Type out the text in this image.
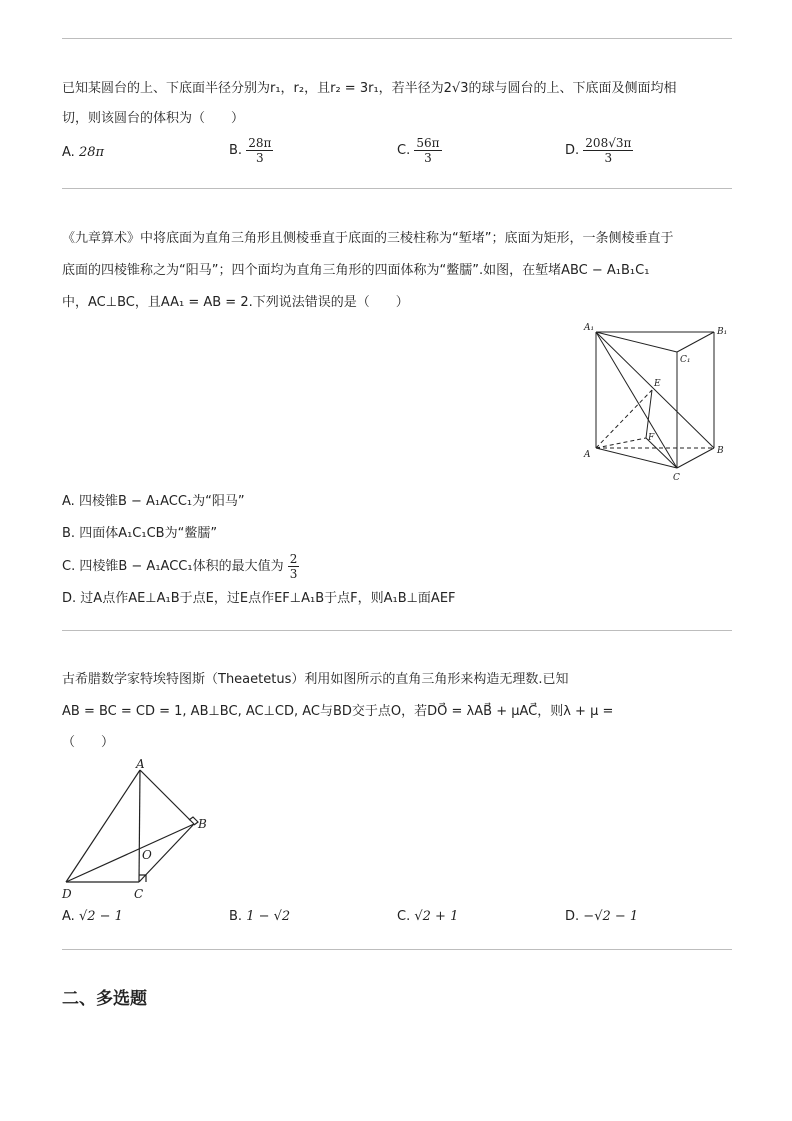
已知某圆台的上、下底面半径分别为r₁，r₂，且r₂ = 3r₁，若半径为2√3的球与圆台的上、下底面及侧面均相
切，则该圆台的体积为（　　）
A. 28π	B. $\frac{28\pi}{3}$	C. $\frac{56\pi}{3}$	D. $\frac{208√3\pi}{3}$
《九章算术》中将底面为直角三角形且侧棱垂直于底面的三棱柱称为“堑堵”；底面为矩形，一条侧棱垂直于
底面的四棱锥称之为“阳马”；四个面均为直角三角形的四面体称为“鳖臑”.如图，在堑堵ABC − A₁B₁C₁
中，AC⊥BC，且AA₁ = AB = 2.下列说法错误的是（　　）
A₁	B₁
C₁
E
F
A	B
C
A. 四棱锥B − A₁ACC₁为“阳马”
B. 四面体A₁C₁CB为“鳖臑”
C. 四棱锥B − A₁ACC₁体积的最大值为 $\frac{2}{3}$
D. 过A点作AE⊥A₁B于点E，过E点作EF⊥A₁B于点F，则A₁B⊥面AEF
古希腊数学家特埃特图斯（Theaetetus）利用如图所示的直角三角形来构造无理数.已知
AB = BC = CD = 1, AB⊥BC, AC⊥CD, AC与BD交于点O，若DO⃗ = λAB⃗ + μAC⃗，则λ + μ =
（　　）
A
B
O
D	C
A. √2 − 1	B. 1 − √2	C. √2 + 1	D. −√2 − 1
二、多选题
